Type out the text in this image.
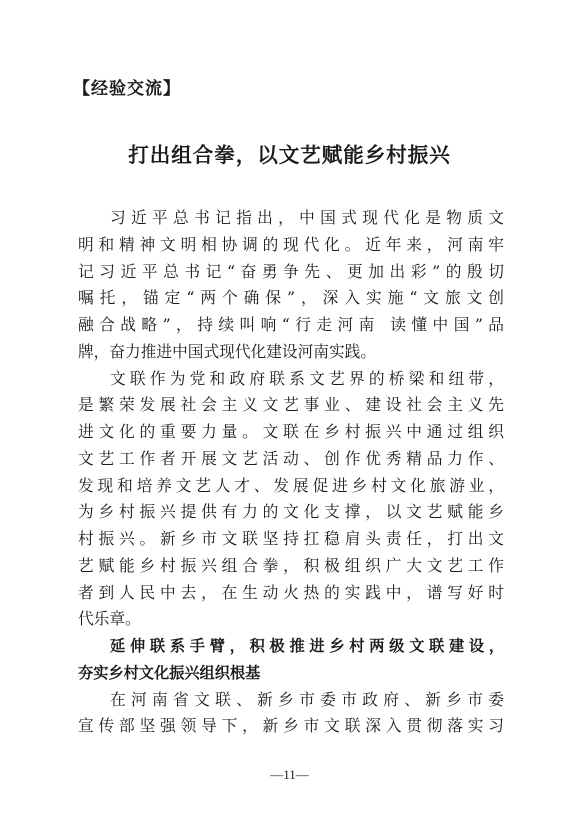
【经验交流】
打出组合拳，以文艺赋能乡村振兴
习近平总书记指出，中国式现代化是物质文
明和精神文明相协调的现代化。近年来，河南牢
记习近平总书记“奋勇争先、更加出彩”的殷切
嘱托，锚定“两个确保”，深入实施“文旅文创
融合战略”，持续叫响“行走河南 读懂中国”品
牌，奋力推进中国式现代化建设河南实践。
文联作为党和政府联系文艺界的桥梁和纽带，
是繁荣发展社会主义文艺事业、建设社会主义先
进文化的重要力量。文联在乡村振兴中通过组织
文艺工作者开展文艺活动、创作优秀精品力作、
发现和培养文艺人才、发展促进乡村文化旅游业，
为乡村振兴提供有力的文化支撑，以文艺赋能乡
村振兴。新乡市文联坚持扛稳肩头责任，打出文
艺赋能乡村振兴组合拳，积极组织广大文艺工作
者到人民中去，在生动火热的实践中，谱写好时
代乐章。
延伸联系手臂，积极推进乡村两级文联建设，
夯实乡村文化振兴组织根基
在河南省文联、新乡市委市政府、新乡市委
宣传部坚强领导下，新乡市文联深入贯彻落实习
—11—
